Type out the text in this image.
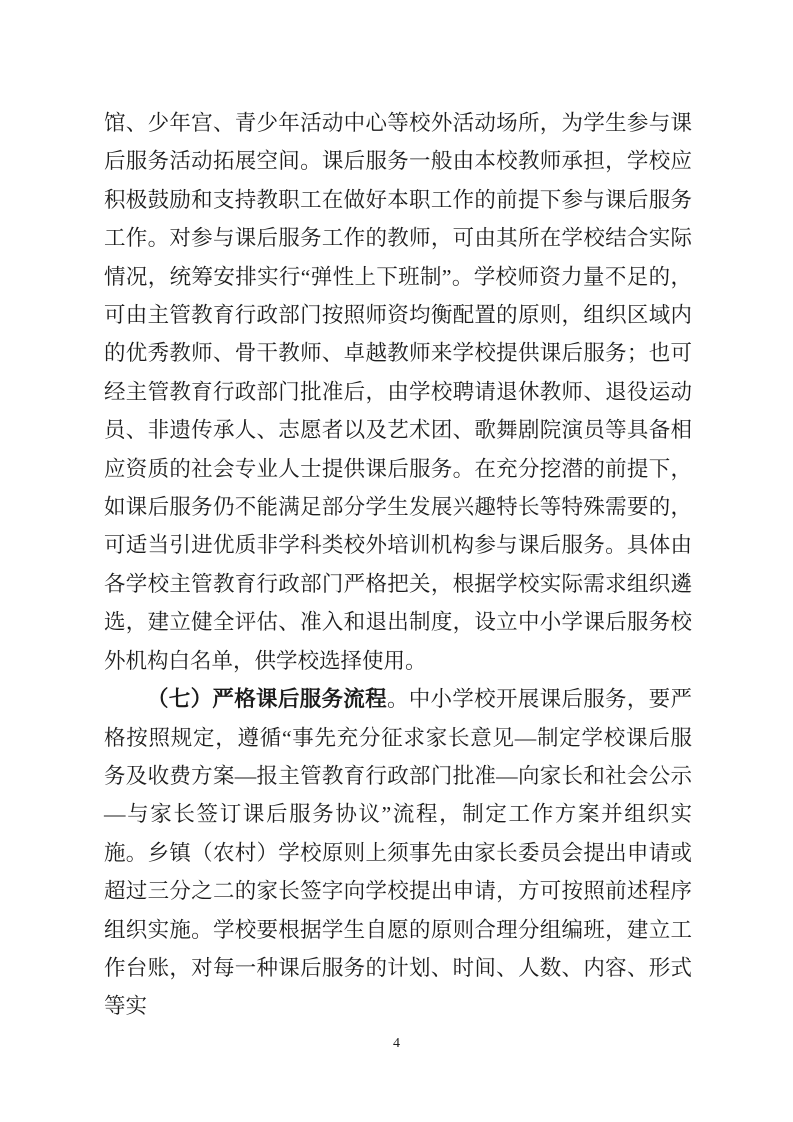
馆、少年宫、青少年活动中心等校外活动场所，为学生参与课后服务活动拓展空间。课后服务一般由本校教师承担，学校应积极鼓励和支持教职工在做好本职工作的前提下参与课后服务工作。对参与课后服务工作的教师，可由其所在学校结合实际情况，统筹安排实行“弹性上下班制”。学校师资力量不足的，可由主管教育行政部门按照师资均衡配置的原则，组织区域内的优秀教师、骨干教师、卓越教师来学校提供课后服务；也可经主管教育行政部门批准后，由学校聘请退休教师、退役运动员、非遗传承人、志愿者以及艺术团、歌舞剧院演员等具备相应资质的社会专业人士提供课后服务。在充分挖潜的前提下，如课后服务仍不能满足部分学生发展兴趣特长等特殊需要的，可适当引进优质非学科类校外培训机构参与课后服务。具体由各学校主管教育行政部门严格把关，根据学校实际需求组织遴选，建立健全评估、准入和退出制度，设立中小学课后服务校外机构白名单，供学校选择使用。

（七）严格课后服务流程。中小学校开展课后服务，要严格按照规定，遵循“事先充分征求家长意见—制定学校课后服务及收费方案—报主管教育行政部门批准—向家长和社会公示—与家长签订课后服务协议”流程，制定工作方案并组织实施。乡镇（农村）学校原则上须事先由家长委员会提出申请或超过三分之二的家长签字向学校提出申请，方可按照前述程序组织实施。学校要根据学生自愿的原则合理分组编班，建立工作台账，对每一种课后服务的计划、时间、人数、内容、形式等实

4
